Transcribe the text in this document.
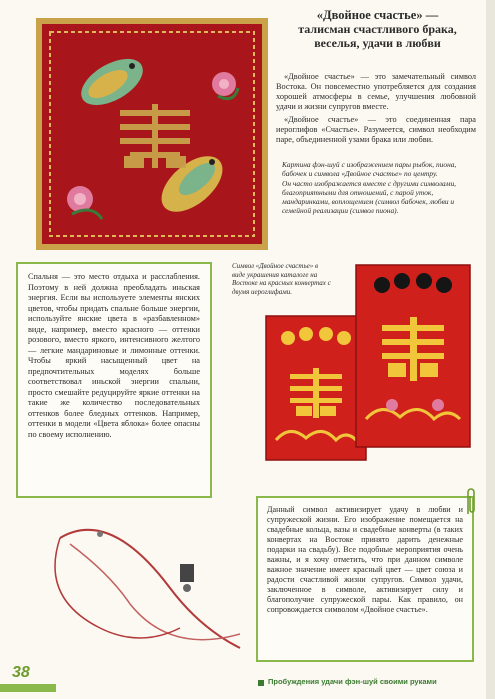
«Двойное счастье» —
талисман счастливого брака, веселья, удачи в любви

«Двойное счастье» — это замечательный символ Востока. Он повсеместно употребляется для создания хорошей атмосферы в семье, улучшения любовной удачи и жизни супругов вместе.

«Двойное счастье» — это соединенная пара иероглифов «Счастье». Разумеется, символ необходим паре, объединенной узами брака или любви.

Картина фэн-шуй с изображением пары рыбок, пиона, бабочек и символа «Двойное счастье» по центру.

Он часто изображается вместе с другими символами, благоприятными для отношений, с парой уток, мандаринками, воплощением (символ бабочек, любви и семейной реализации (символ пиона).

Спальня — это место отдыха и расслабления. Поэтому в ней должна преобладать иньская энергия. Если вы используете элементы янских цветов, чтобы придать спальне больше энергии, используйте янские цвета в «разбавленном» виде, например, вместо красного — оттенки розового, вместо яркого, интенсивного желтого — легкие мандариновые и лимонные оттенки. Чтобы яркий насыщенный цвет на предпочтительных моделях больше соответствовал иньской энергии спальни, просто смешайте редуцируйте яркие оттенки на такие же количество последовательных оттенков более бледных оттенков. Например, оттенки в модели «Цвета яблока» более опасны по своему исполнению.

Символ «Двойное счастье» в виде украшения каталоге на Востоке на красных конвертах с двумя иероглифами.

Данный символ активизирует удачу в любви и супружеской жизни. Его изображение помещается на свадебные кольца, вазы и свадебные конверты (в таких конвертах на Востоке принято дарить денежные подарки на свадьбу). Все подобные мероприятия очень важны, и я хочу отметить, что при данном символе важное значение имеет красный цвет — цвет союза и радости счастливой жизни супругов. Символ удачи, заключенное в символе, активизирует силу и благополучие супружеской пары. Как правило, он сопровождается символом «Двойное счастье».

38
Пробуждения удачи фэн-шуй своими руками
